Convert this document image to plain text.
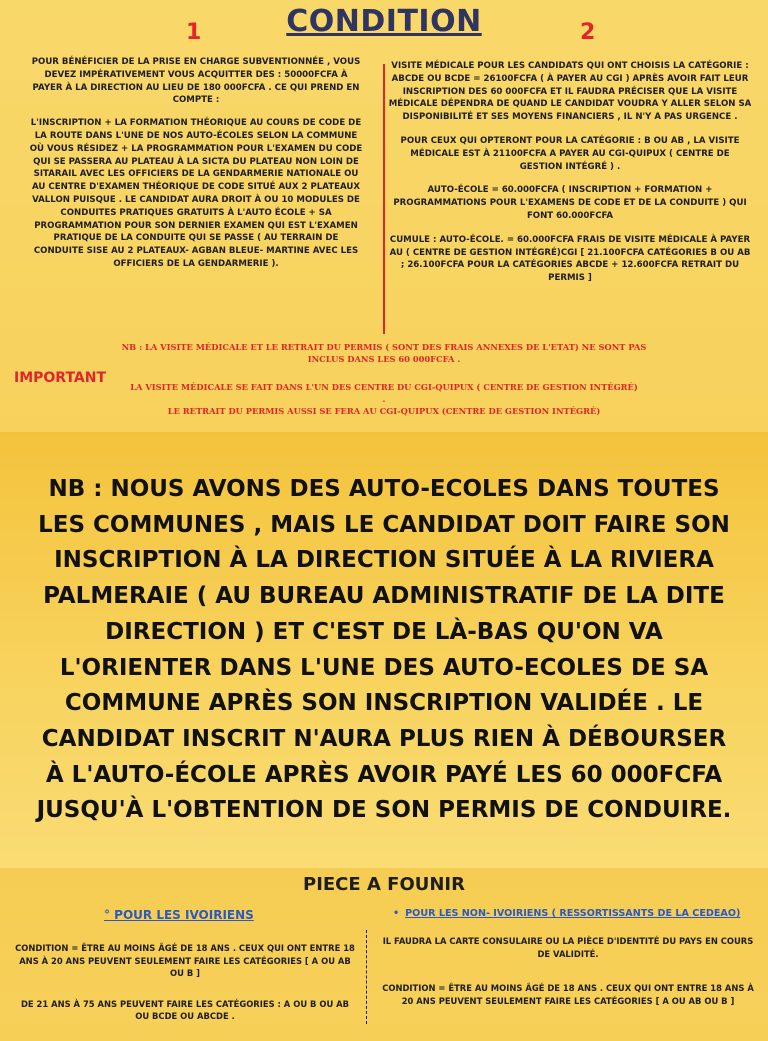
CONDITION
1	2

POUR BÉNÉFICIER DE LA PRISE EN CHARGE SUBVENTIONNÉE , VOUS DEVEZ IMPÉRATIVEMENT VOUS ACQUITTER DES : 50000FCFA À PAYER À LA DIRECTION AU LIEU DE 180 000FCFA . CE QUI PREND EN COMPTE :

L'INSCRIPTION + LA FORMATION THÉORIQUE AU COURS DE CODE DE LA ROUTE DANS L'UNE DE NOS AUTO-ÉCOLES SELON LA COMMUNE OÙ VOUS RÉSIDEZ + LA PROGRAMMATION POUR L'EXAMEN DU CODE QUI SE PASSERA AU PLATEAU À LA SICTA DU PLATEAU NON LOIN DE SITARAIL AVEC LES OFFICIERS DE LA GENDARMERIE NATIONALE OU AU CENTRE D'EXAMEN THÉORIQUE DE CODE SITUÉ AUX 2 PLATEAUX VALLON PUISQUE . LE CANDIDAT AURA DROIT À OU 10 MODULES DE CONDUITES PRATIQUES GRATUITS À L'AUTO ÉCOLE + SA PROGRAMMATION POUR SON DERNIER EXAMEN QUI EST L'EXAMEN PRATIQUE DE LA CONDUITE QUI SE PASSE ( AU TERRAIN DE CONDUITE SISE AU 2 PLATEAUX- AGBAN BLEUE- MARTINE AVEC LES OFFICIERS DE LA GENDARMERIE ).

VISITE MÉDICALE POUR LES CANDIDATS QUI ONT CHOISIS LA CATÉGORIE : ABCDE OU BCDE = 26100FCFA ( À PAYER AU CGI ) APRÈS AVOIR FAIT LEUR INSCRIPTION DES 60 000FCFA ET IL FAUDRA PRÉCISER QUE LA VISITE MÉDICALE DÉPENDRA DE QUAND LE CANDIDAT VOUDRA Y ALLER SELON SA DISPONIBILITÉ ET SES MOYENS FINANCIERS , IL N'Y A PAS URGENCE .

POUR CEUX QUI OPTERONT POUR LA CATÉGORIE : B OU AB , LA VISITE MÉDICALE EST À 21100FCFA A PAYER AU CGI-QUIPUX ( CENTRE DE GESTION INTÉGRÉ ) .

AUTO-ÉCOLE = 60.000FCFA ( INSCRIPTION + FORMATION + PROGRAMMATIONS POUR L'EXAMENS DE CODE ET DE LA CONDUITE ) QUI FONT 60.000FCFA

CUMULE : AUTO-ÉCOLE. = 60.000FCFA FRAIS DE VISITE MÉDICALE À PAYER AU ( CENTRE DE GESTION INTÉGRÉ)CGI [ 21.100FCFA CATÉGORIES B OU AB ; 26.100FCFA POUR LA CATÉGORIES ABCDE + 12.600FCFA RETRAIT DU PERMIS ]

NB : LA VISITE MÉDICALE ET LE RETRAIT DU PERMIS ( SONT DES FRAIS ANNEXES DE L'ETAT) NE SONT PAS INCLUS DANS LES 60 000FCFA .
IMPORTANT
LA VISITE MÉDICALE SE FAIT DANS L'UN DES CENTRE DU CGI-QUIPUX ( CENTRE DE GESTION INTÉGRÉ) .
LE RETRAIT DU PERMIS AUSSI SE FERA AU CGI-QUIPUX (CENTRE DE GESTION INTÉGRÉ)
NB : NOUS AVONS DES AUTO-ECOLES DANS TOUTES LES COMMUNES , MAIS LE CANDIDAT DOIT FAIRE SON INSCRIPTION À LA DIRECTION SITUÉE À LA RIVIERA PALMERAIE ( AU BUREAU ADMINISTRATIF DE LA DITE DIRECTION ) ET C'EST DE LÀ-BAS QU'ON VA L'ORIENTER DANS L'UNE DES AUTO-ECOLES DE SA COMMUNE APRÈS SON INSCRIPTION VALIDÉE . LE CANDIDAT INSCRIT N'AURA PLUS RIEN À DÉBOURSER À L'AUTO-ÉCOLE APRÈS AVOIR PAYÉ LES 60 000FCFA JUSQU'À L'OBTENTION DE SON PERMIS DE CONDUIRE.
PIECE A FOUNIR
° POUR LES IVOIRIENS	• POUR LES NON- IVOIRIENS ( RESSORTISSANTS DE LA CEDEAO)

CONDITION = ÊTRE AU MOINS ÂGÉ DE 18 ANS . CEUX QUI ONT ENTRE 18 ANS À 20 ANS PEUVENT SEULEMENT FAIRE LES CATÉGORIES [ A OU AB OU B ]

DE 21 ANS À 75 ANS PEUVENT FAIRE LES CATÉGORIES : A OU B OU AB OU BCDE OU ABCDE .

IL FAUDRA LA CARTE CONSULAIRE OU LA PIÈCE D'IDENTITÉ DU PAYS EN COURS DE VALIDITÉ.

CONDITION = ÊTRE AU MOINS ÂGÉ DE 18 ANS . CEUX QUI ONT ENTRE 18 ANS À 20 ANS PEUVENT SEULEMENT FAIRE LES CATÉGORIES [ A OU AB OU B ]
